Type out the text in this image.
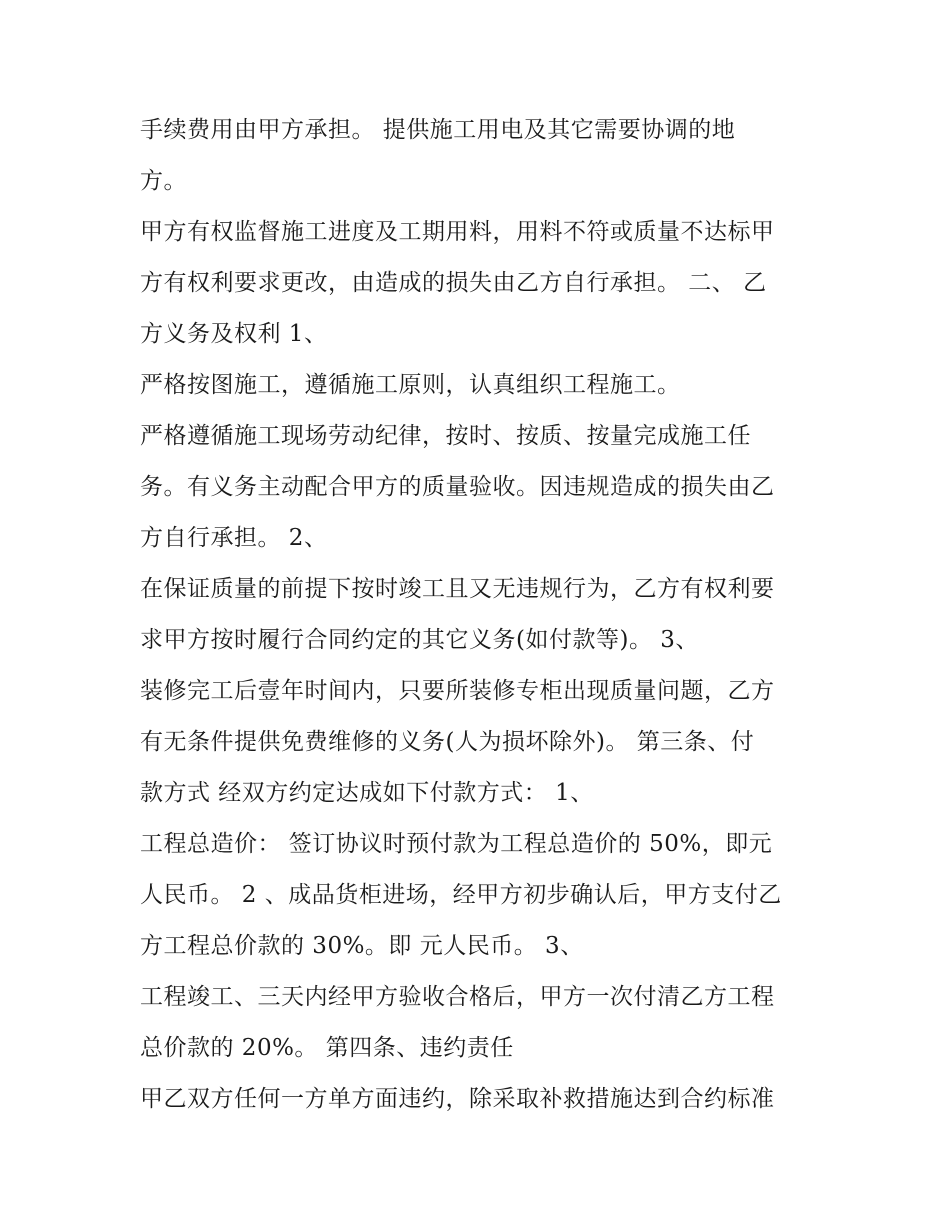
手续费用由甲方承担。 提供施工用电及其它需要协调的地
方。
甲方有权监督施工进度及工期用料，用料不符或质量不达标甲
方有权利要求更改，由造成的损失由乙方自行承担。 二、 乙
方义务及权利 1、
严格按图施工，遵循施工原则，认真组织工程施工。
严格遵循施工现场劳动纪律，按时、按质、按量完成施工任
务。有义务主动配合甲方的质量验收。因违规造成的损失由乙
方自行承担。 2、
在保证质量的前提下按时竣工且又无违规行为，乙方有权利要
求甲方按时履行合同约定的其它义务(如付款等)。 3、
装修完工后壹年时间内，只要所装修专柜出现质量问题，乙方
有无条件提供免费维修的义务(人为损坏除外)。 第三条、付
款方式 经双方约定达成如下付款方式： 1、
工程总造价： 签订协议时预付款为工程总造价的 50%，即元
人民币。 2 、成品货柜进场，经甲方初步确认后，甲方支付乙
方工程总价款的 30%。即 元人民币。 3、
工程竣工、三天内经甲方验收合格后，甲方一次付清乙方工程
总价款的 20%。 第四条、违约责任
甲乙双方任何一方单方面违约，除采取补救措施达到合约标准
